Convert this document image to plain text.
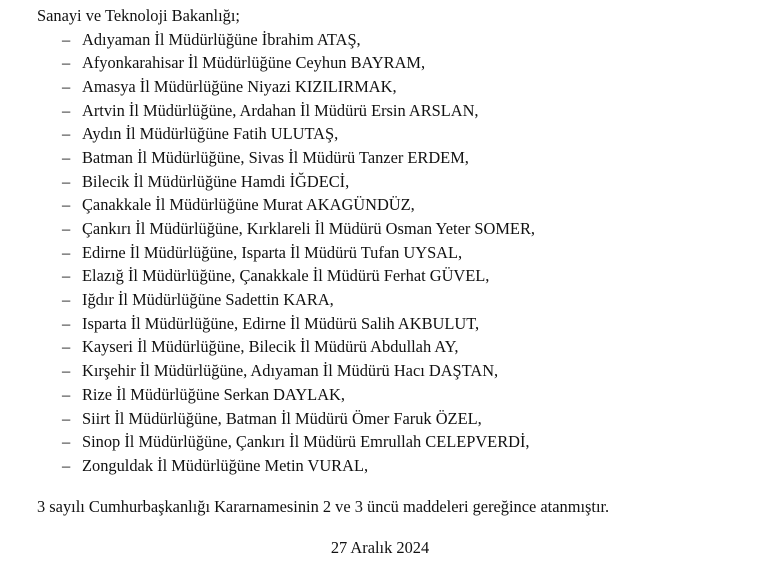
Sanayi ve Teknoloji Bakanlığı;
– Adıyaman İl Müdürlüğüne İbrahim ATAŞ,
– Afyonkarahisar İl Müdürlüğüne Ceyhun BAYRAM,
– Amasya İl Müdürlüğüne Niyazi KIZILIRMAK,
– Artvin İl Müdürlüğüne, Ardahan İl Müdürü Ersin ARSLAN,
– Aydın İl Müdürlüğüne Fatih ULUTAŞ,
– Batman İl Müdürlüğüne, Sivas İl Müdürü Tanzer ERDEM,
– Bilecik İl Müdürlüğüne Hamdi İĞDECİ,
– Çanakkale İl Müdürlüğüne Murat AKAGÜNDÜZ,
– Çankırı İl Müdürlüğüne, Kırklareli İl Müdürü Osman Yeter SOMER,
– Edirne İl Müdürlüğüne, Isparta İl Müdürü Tufan UYSAL,
– Elazığ İl Müdürlüğüne, Çanakkale İl Müdürü Ferhat GÜVEL,
– Iğdır İl Müdürlüğüne Sadettin KARA,
– Isparta İl Müdürlüğüne, Edirne İl Müdürü Salih AKBULUT,
– Kayseri İl Müdürlüğüne, Bilecik İl Müdürü Abdullah AY,
– Kırşehir İl Müdürlüğüne, Adıyaman İl Müdürü Hacı DAŞTAN,
– Rize İl Müdürlüğüne Serkan DAYLAK,
– Siirt İl Müdürlüğüne, Batman İl Müdürü Ömer Faruk ÖZEL,
– Sinop İl Müdürlüğüne, Çankırı İl Müdürü Emrullah CELEPVERDİ,
– Zonguldak İl Müdürlüğüne Metin VURAL,
3 sayılı Cumhurbaşkanlığı Kararnamesinin 2 ve 3 üncü maddeleri gereğince atanmıştır.
27 Aralık 2024
